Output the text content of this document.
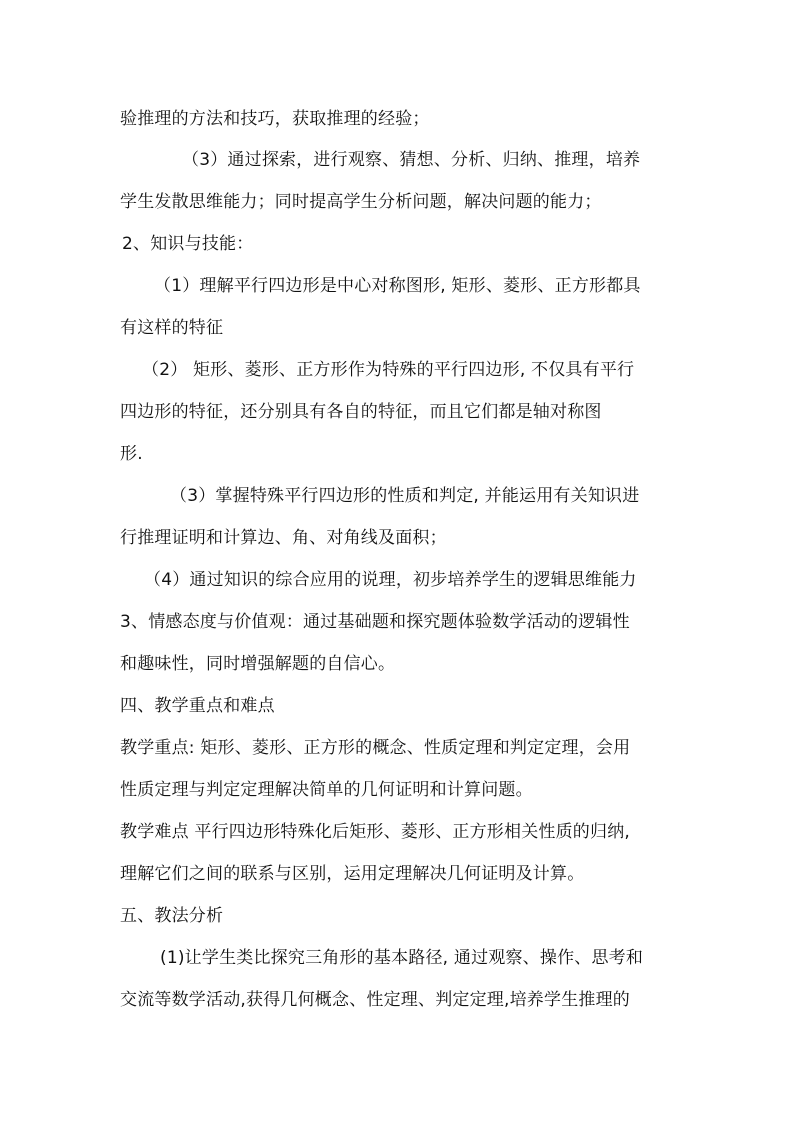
验推理的方法和技巧，获取推理的经验；
（3）通过探索，进行观察、猜想、分析、归纳、推理，培养
学生发散思维能力；同时提高学生分析问题，解决问题的能力；
2、知识与技能：
（1）理解平行四边形是中心对称图形, 矩形、菱形、正方形都具
有这样的特征
（2） 矩形、菱形、正方形作为特殊的平行四边形, 不仅具有平行
四边形的特征，还分别具有各自的特征，而且它们都是轴对称图
形.
（3）掌握特殊平行四边形的性质和判定, 并能运用有关知识进
行推理证明和计算边、角、对角线及面积；
（4）通过知识的综合应用的说理，初步培养学生的逻辑思维能力
3、情感态度与价值观：通过基础题和探究题体验数学活动的逻辑性
和趣味性，同时增强解题的自信心。
四、教学重点和难点
教学重点: 矩形、菱形、正方形的概念、性质定理和判定定理，会用
性质定理与判定定理解决简单的几何证明和计算问题。
教学难点 平行四边形特殊化后矩形、菱形、正方形相关性质的归纳,
理解它们之间的联系与区别，运用定理解决几何证明及计算。
五、教法分析
(1)让学生类比探究三角形的基本路径, 通过观察、操作、思考和
交流等数学活动,获得几何概念、性定理、判定定理,培养学生推理的
